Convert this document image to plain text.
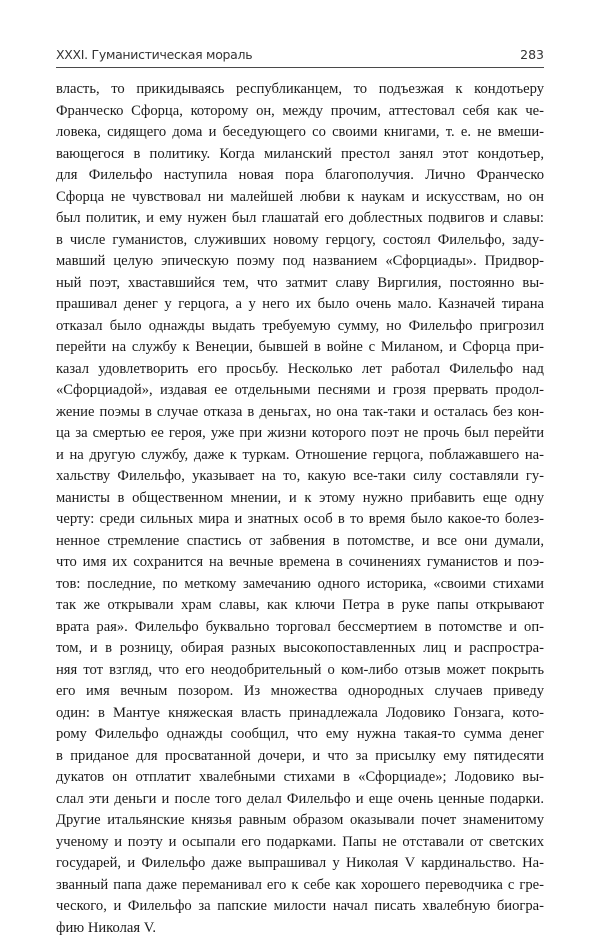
XXXI. Гуманистическая мораль	283
власть, то прикидываясь республиканцем, то подъезжая к кондотьеру
Франческо Сфорца, которому он, между прочим, аттестовал себя как че-
ловека, сидящего дома и беседующего со своими книгами, т. е. не вмеши-
вающегося в политику. Когда миланский престол занял этот кондотьер,
для Филельфо наступила новая пора благополучия. Лично Франческо
Сфорца не чувствовал ни малейшей любви к наукам и искусствам, но он
был политик, и ему нужен был глашатай его доблестных подвигов и славы:
в числе гуманистов, служивших новому герцогу, состоял Филельфо, заду-
мавший целую эпическую поэму под названием «Сфорциады». Придвор-
ный поэт, хваставшийся тем, что затмит славу Виргилия, постоянно вы-
прашивал денег у герцога, а у него их было очень мало. Казначей тирана
отказал было однажды выдать требуемую сумму, но Филельфо пригрозил
перейти на службу к Венеции, бывшей в войне с Миланом, и Сфорца при-
казал удовлетворить его просьбу. Несколько лет работал Филельфо над
«Сфорциадой», издавая ее отдельными песнями и грозя прервать продол-
жение поэмы в случае отказа в деньгах, но она так-таки и осталась без кон-
ца за смертью ее героя, уже при жизни которого поэт не прочь был перейти
и на другую службу, даже к туркам. Отношение герцога, поблажавшего на-
хальству Филельфо, указывает на то, какую все-таки силу составляли гу-
манисты в общественном мнении, и к этому нужно прибавить еще одну
черту: среди сильных мира и знатных особ в то время было какое-то болез-
ненное стремление спастись от забвения в потомстве, и все они думали,
что имя их сохранится на вечные времена в сочинениях гуманистов и поэ-
тов: последние, по меткому замечанию одного историка, «своими стихами
так же открывали храм славы, как ключи Петра в руке папы открывают
врата рая». Филельфо буквально торговал бессмертием в потомстве и оп-
том, и в розницу, обирая разных высокопоставленных лиц и распростра-
няя тот взгляд, что его неодобрительный о ком-либо отзыв может покрыть
его имя вечным позором. Из множества однородных случаев приведу
один: в Мантуе княжеская власть принадлежала Лодовико Гонзага, кото-
рому Филельфо однажды сообщил, что ему нужна такая-то сумма денег
в приданое для просватанной дочери, и что за присылку ему пятидесяти
дукатов он отплатит хвалебными стихами в «Сфорциаде»; Лодовико вы-
слал эти деньги и после того делал Филельфо и еще очень ценные подарки.
Другие итальянские князья равным образом оказывали почет знаменитому
ученому и поэту и осыпали его подарками. Папы не отставали от светских
государей, и Филельфо даже выпрашивал у Николая V кардинальство. На-
званный папа даже переманивал его к себе как хорошего переводчика с гре-
ческого, и Филельфо за папские милости начал писать хвалебную биогра-
фию Николая V.
